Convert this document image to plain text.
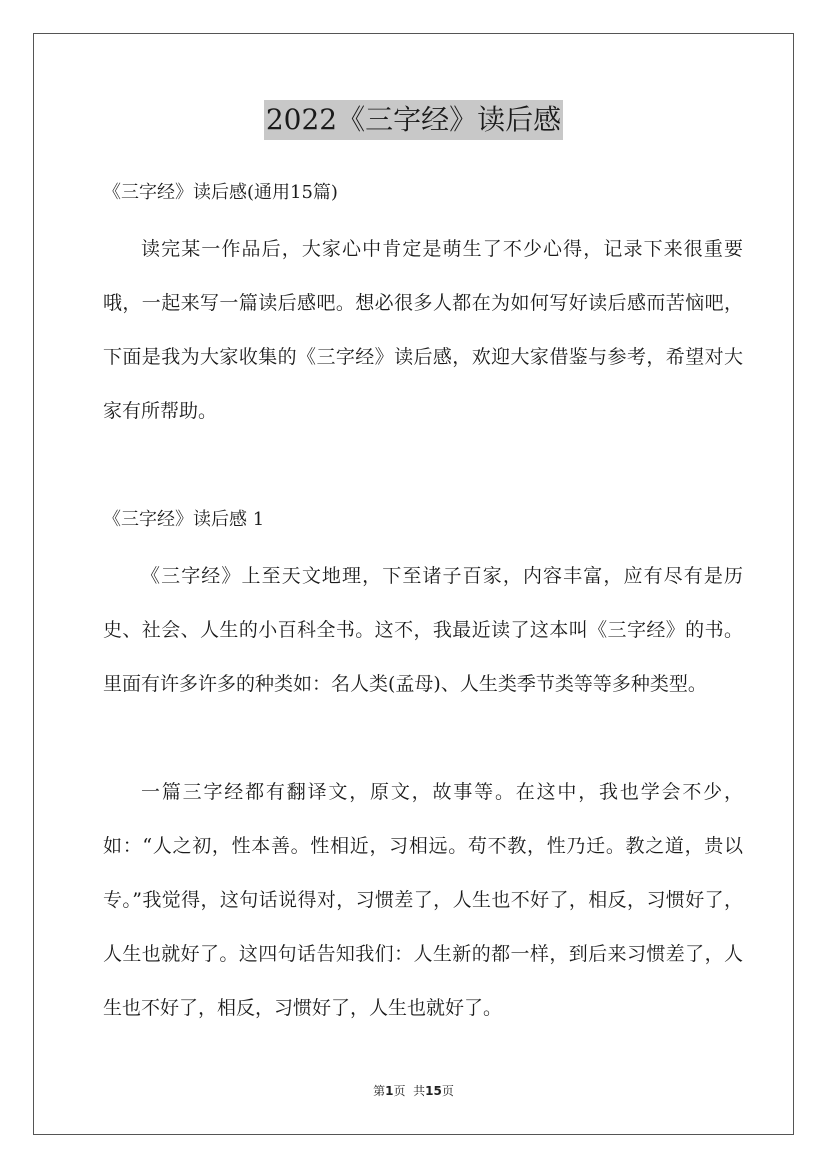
2022《三字经》读后感
《三字经》读后感(通用15篇)

读完某一作品后，大家心中肯定是萌生了不少心得，记录下来很重要哦，一起来写一篇读后感吧。想必很多人都在为如何写好读后感而苦恼吧，下面是我为大家收集的《三字经》读后感，欢迎大家借鉴与参考，希望对大家有所帮助。

《三字经》读后感 1

《三字经》上至天文地理，下至诸子百家，内容丰富，应有尽有是历史、社会、人生的小百科全书。这不，我最近读了这本叫《三字经》的书。里面有许多许多的种类如：名人类(孟母)、人生类季节类等等多种类型。

一篇三字经都有翻译文，原文，故事等。在这中，我也学会不少，如：“人之初，性本善。性相近，习相远。苟不教，性乃迁。教之道，贵以专。”我觉得，这句话说得对，习惯差了，人生也不好了，相反，习惯好了，人生也就好了。这四句话告知我们：人生新的都一样，到后来习惯差了，人生也不好了，相反，习惯好了，人生也就好了。

第1页 共15页
